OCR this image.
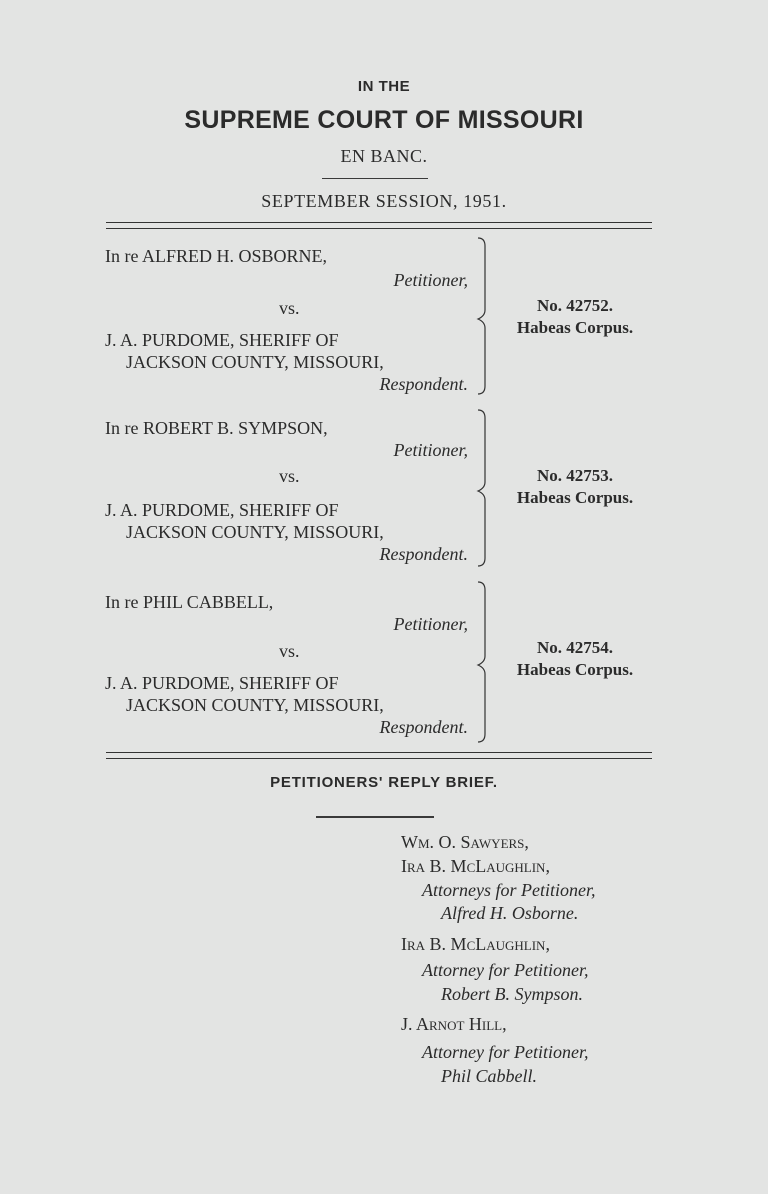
IN THE
SUPREME COURT OF MISSOURI
EN BANC.
SEPTEMBER SESSION, 1951.
In re ALFRED H. OSBORNE,
Petitioner,
vs.
J. A. PURDOME, SHERIFF OF
JACKSON COUNTY, MISSOURI,
Respondent.
No. 42752.
Habeas Corpus.
In re ROBERT B. SYMPSON,
Petitioner,
vs.
J. A. PURDOME, SHERIFF OF
JACKSON COUNTY, MISSOURI,
Respondent.
No. 42753.
Habeas Corpus.
In re PHIL CABBELL,
Petitioner,
vs.
J. A. PURDOME, SHERIFF OF
JACKSON COUNTY, MISSOURI,
Respondent.
No. 42754.
Habeas Corpus.
PETITIONERS' REPLY BRIEF.
Wm. O. Sawyers,
Ira B. McLaughlin,
Attorneys for Petitioner,
Alfred H. Osborne.
Ira B. McLaughlin,
Attorney for Petitioner,
Robert B. Sympson.
J. Arnot Hill,
Attorney for Petitioner,
Phil Cabbell.
